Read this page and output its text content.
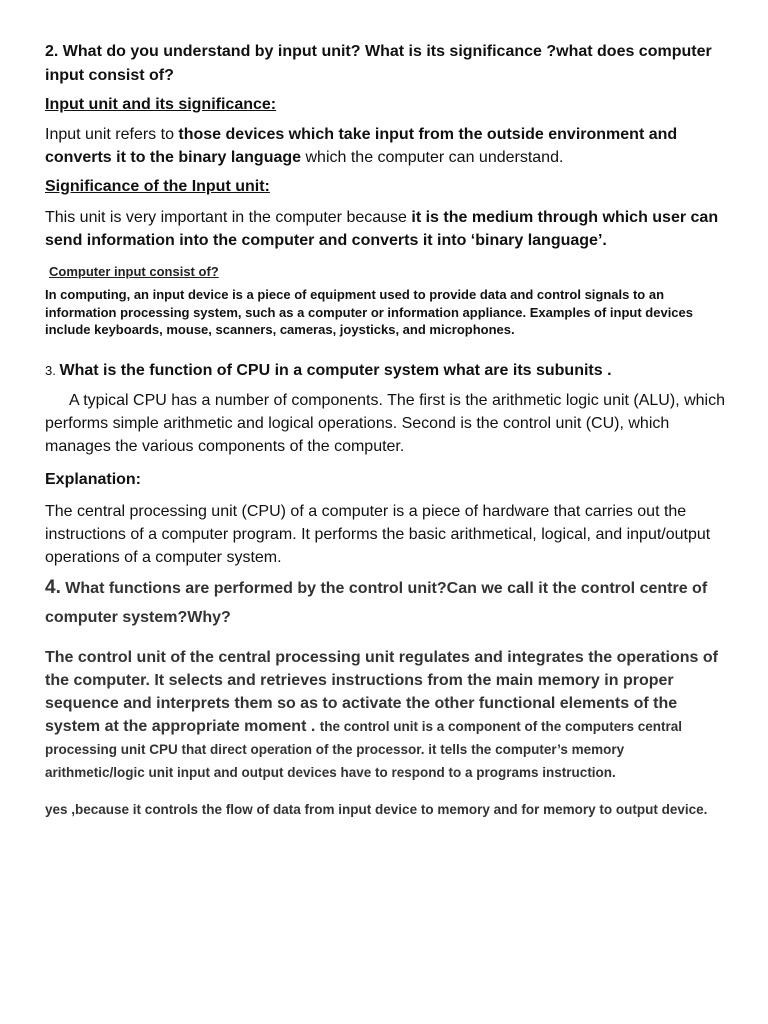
2. What do you understand by input unit? What is its significance ?what does computer input consist of?

Input unit and its significance:

Input unit refers to those devices which take input from the outside environment and converts it to the binary language which the computer can understand.

Significance of the Input unit:

This unit is very important in the computer because it is the medium through which user can send information into the computer and converts it into ‘binary language’.

Computer input consist of?

In computing, an input device is a piece of equipment used to provide data and control signals to an information processing system, such as a computer or information appliance. Examples of input devices include keyboards, mouse, scanners, cameras, joysticks, and microphones.

3. What is the function of CPU in a computer system what are its subunits .

A typical CPU has a number of components. The first is the arithmetic logic unit (ALU), which performs simple arithmetic and logical operations. Second is the control unit (CU), which manages the various components of the computer.

Explanation:

The central processing unit (CPU) of a computer is a piece of hardware that carries out the instructions of a computer program. It performs the basic arithmetical, logical, and input/output operations of a computer system.

4. What functions are performed by the control unit?Can we call it the control centre of computer system?Why?

The control unit of the central processing unit regulates and integrates the operations of the computer. It selects and retrieves instructions from the main memory in proper sequence and interprets them so as to activate the other functional elements of the system at the appropriate moment . the control unit is a component of the computers central processing unit CPU that direct operation of the processor. it tells the computer’s memory arithmetic/logic unit input and output devices have to respond to a programs instruction.

yes ,because it controls the flow of data from input device to memory and for memory to output device.
